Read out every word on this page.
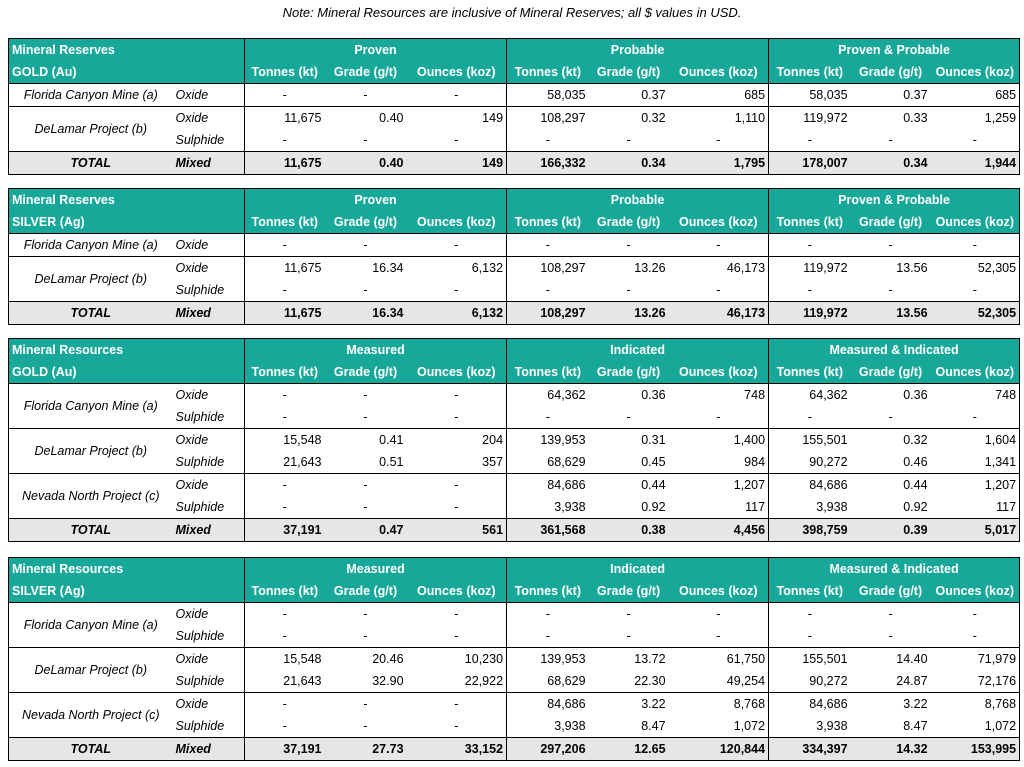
Note: Mineral Resources are inclusive of Mineral Reserves; all $ values in USD.
Mineral Reserves		Proven			Probable			Proven & Probable		
GOLD (Au)		Tonnes (kt)	Grade (g/t)	Ounces (koz)	Tonnes (kt)	Grade (g/t)	Ounces (koz)	Tonnes (kt)	Grade (g/t)	Ounces (koz)
Florida Canyon Mine (a)	Oxide	-	-	-	58,035	0.37	685	58,035	0.37	685
DeLamar Project (b)	Oxide	11,675	0.40	149	108,297	0.32	1,110	119,972	0.33	1,259
	Sulphide	-	-	-	-	-	-	-	-	-
TOTAL	Mixed	11,675	0.40	149	166,332	0.34	1,795	178,007	0.34	1,944
Mineral Reserves		Proven			Probable			Proven & Probable		
SILVER (Ag)		Tonnes (kt)	Grade (g/t)	Ounces (koz)	Tonnes (kt)	Grade (g/t)	Ounces (koz)	Tonnes (kt)	Grade (g/t)	Ounces (koz)
Florida Canyon Mine (a)	Oxide	-	-	-	-	-	-	-	-	-
DeLamar Project (b)	Oxide	11,675	16.34	6,132	108,297	13.26	46,173	119,972	13.56	52,305
	Sulphide	-	-	-	-	-	-	-	-	-
TOTAL	Mixed	11,675	16.34	6,132	108,297	13.26	46,173	119,972	13.56	52,305
Mineral Resources		Measured			Indicated			Measured & Indicated		
GOLD (Au)		Tonnes (kt)	Grade (g/t)	Ounces (koz)	Tonnes (kt)	Grade (g/t)	Ounces (koz)	Tonnes (kt)	Grade (g/t)	Ounces (koz)
Florida Canyon Mine (a)	Oxide	-	-	-	64,362	0.36	748	64,362	0.36	748
	Sulphide	-	-	-	-	-	-	-	-	-
DeLamar Project (b)	Oxide	15,548	0.41	204	139,953	0.31	1,400	155,501	0.32	1,604
	Sulphide	21,643	0.51	357	68,629	0.45	984	90,272	0.46	1,341
Nevada North Project (c)	Oxide	-	-	-	84,686	0.44	1,207	84,686	0.44	1,207
	Sulphide	-	-	-	3,938	0.92	117	3,938	0.92	117
TOTAL	Mixed	37,191	0.47	561	361,568	0.38	4,456	398,759	0.39	5,017
Mineral Resources		Measured			Indicated			Measured & Indicated		
SILVER (Ag)		Tonnes (kt)	Grade (g/t)	Ounces (koz)	Tonnes (kt)	Grade (g/t)	Ounces (koz)	Tonnes (kt)	Grade (g/t)	Ounces (koz)
Florida Canyon Mine (a)	Oxide	-	-	-	-	-	-	-	-	-
	Sulphide	-	-	-	-	-	-	-	-	-
DeLamar Project (b)	Oxide	15,548	20.46	10,230	139,953	13.72	61,750	155,501	14.40	71,979
	Sulphide	21,643	32.90	22,922	68,629	22.30	49,254	90,272	24.87	72,176
Nevada North Project (c)	Oxide	-	-	-	84,686	3.22	8,768	84,686	3.22	8,768
	Sulphide	-	-	-	3,938	8.47	1,072	3,938	8.47	1,072
TOTAL	Mixed	37,191	27.73	33,152	297,206	12.65	120,844	334,397	14.32	153,995
